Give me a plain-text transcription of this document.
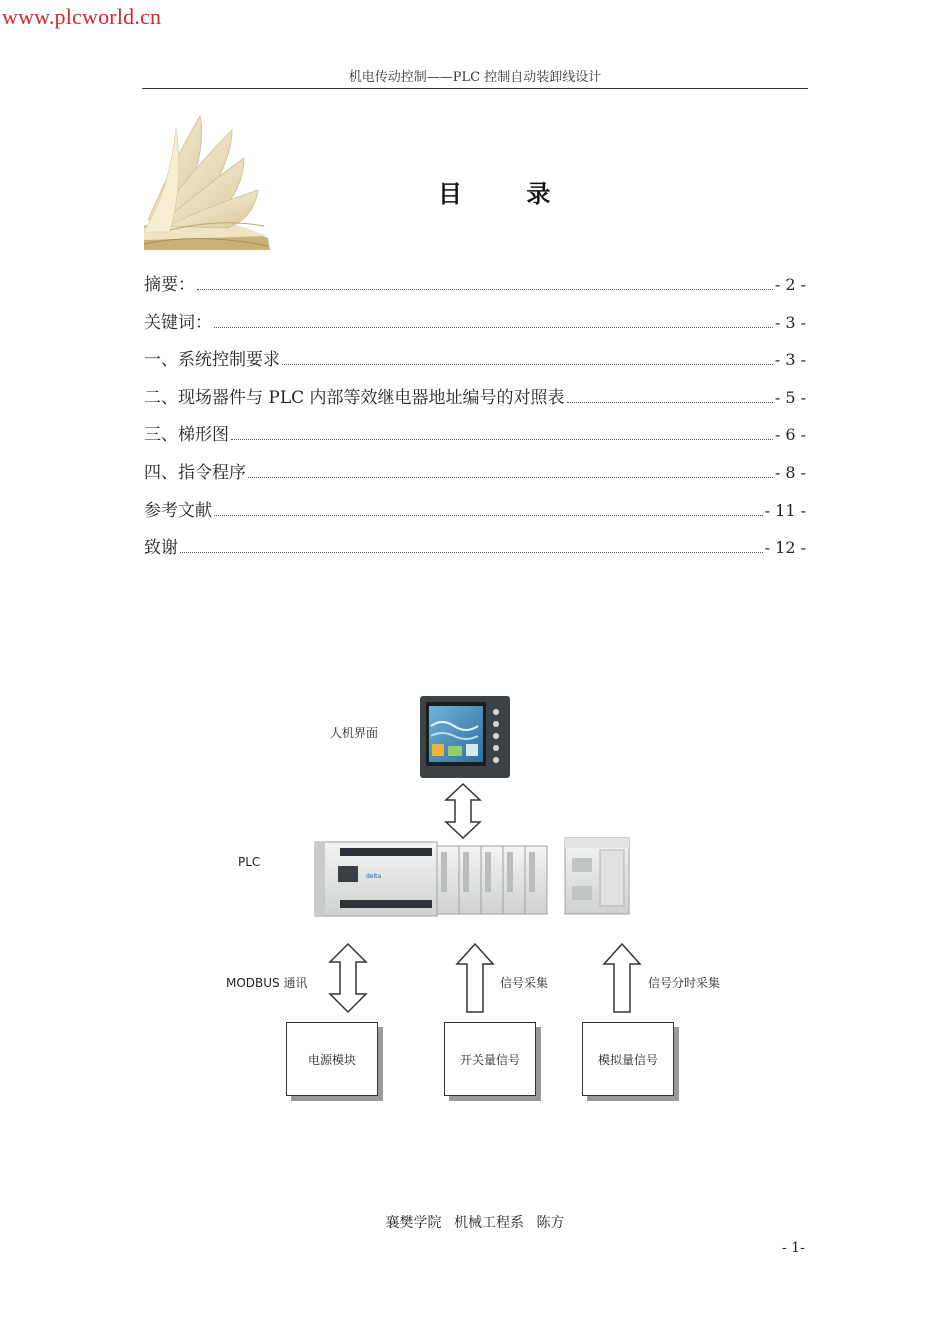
www.plcworld.cn
机电传动控制——PLC 控制自动装卸线设计
目 录
摘要：	- 2 -
关键词：	- 3 -
一、系统控制要求	- 3 -
二、现场器件与 PLC 内部等效继电器地址编号的对照表	- 5 -
三、梯形图	- 6 -
四、指令程序	- 8 -
参考文献	- 11 -
致谢	- 12 -
delta
人机界面
PLC
MODBUS 通讯	信号采集	信号分时采集
电源模块	开关量信号	模拟量信号
襄樊学院 机械工程系 陈方
- 1-
